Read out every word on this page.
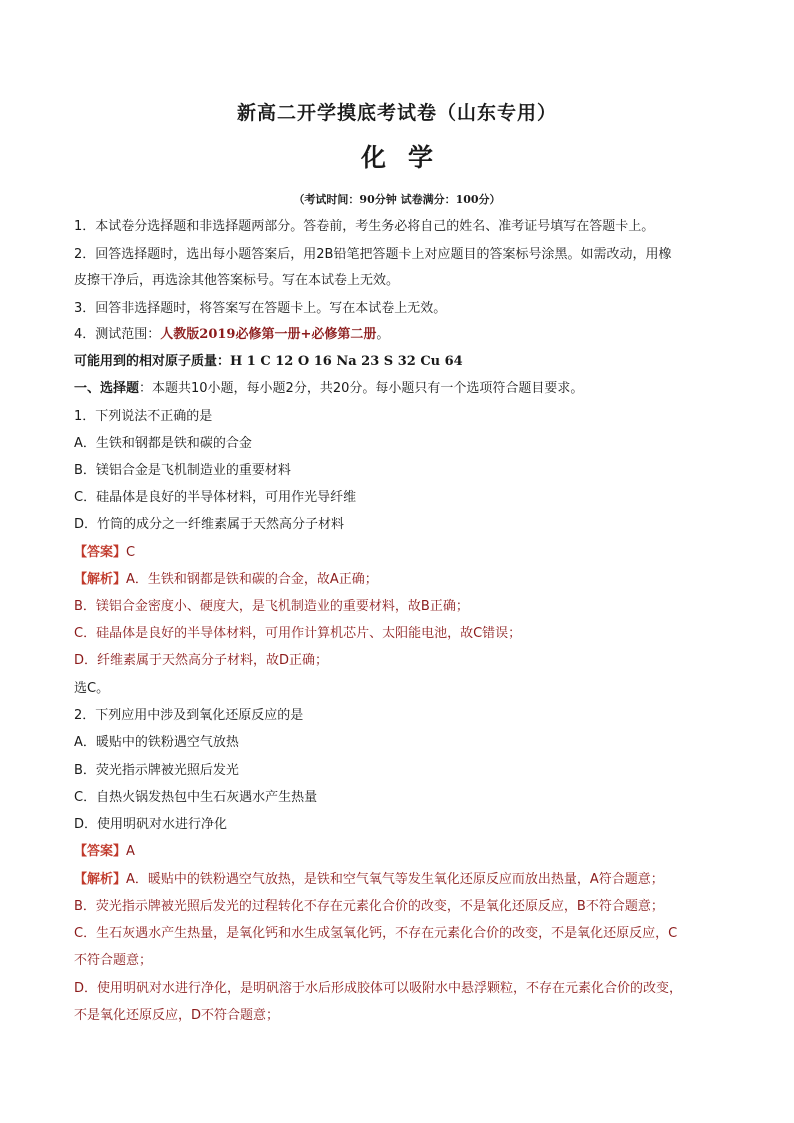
新高二开学摸底考试卷（山东专用）
化学
（考试时间：90分钟 试卷满分：100分）
1．本试卷分选择题和非选择题两部分。答卷前，考生务必将自己的姓名、准考证号填写在答题卡上。
2．回答选择题时，选出每小题答案后，用2B铅笔把答题卡上对应题目的答案标号涂黑。如需改动，用橡
皮擦干净后，再选涂其他答案标号。写在本试卷上无效。
3．回答非选择题时，将答案写在答题卡上。写在本试卷上无效。
4．测试范围：人教版2019必修第一册+必修第二册。
可能用到的相对原子质量：H 1 C 12 O 16 Na 23 S 32 Cu 64
一、选择题：本题共10小题，每小题2分，共20分。每小题只有一个选项符合题目要求。
1．下列说法不正确的是
A．生铁和钢都是铁和碳的合金
B．镁铝合金是飞机制造业的重要材料
C．硅晶体是良好的半导体材料，可用作光导纤维
D．竹筒的成分之一纤维素属于天然高分子材料
【答案】C
【解析】A．生铁和钢都是铁和碳的合金，故A正确；
B．镁铝合金密度小、硬度大，是飞机制造业的重要材料，故B正确；
C．硅晶体是良好的半导体材料，可用作计算机芯片、太阳能电池，故C错误；
D．纤维素属于天然高分子材料，故D正确；
选C。
2．下列应用中涉及到氧化还原反应的是
A．暖贴中的铁粉遇空气放热
B．荧光指示牌被光照后发光
C．自热火锅发热包中生石灰遇水产生热量
D．使用明矾对水进行净化
【答案】A
【解析】A．暖贴中的铁粉遇空气放热，是铁和空气氧气等发生氧化还原反应而放出热量，A符合题意；
B．荧光指示牌被光照后发光的过程转化不存在元素化合价的改变，不是氧化还原反应，B不符合题意；
C．生石灰遇水产生热量，是氧化钙和水生成氢氧化钙，不存在元素化合价的改变，不是氧化还原反应，C
不符合题意；
D．使用明矾对水进行净化，是明矾溶于水后形成胶体可以吸附水中悬浮颗粒，不存在元素化合价的改变，
不是氧化还原反应，D不符合题意；
